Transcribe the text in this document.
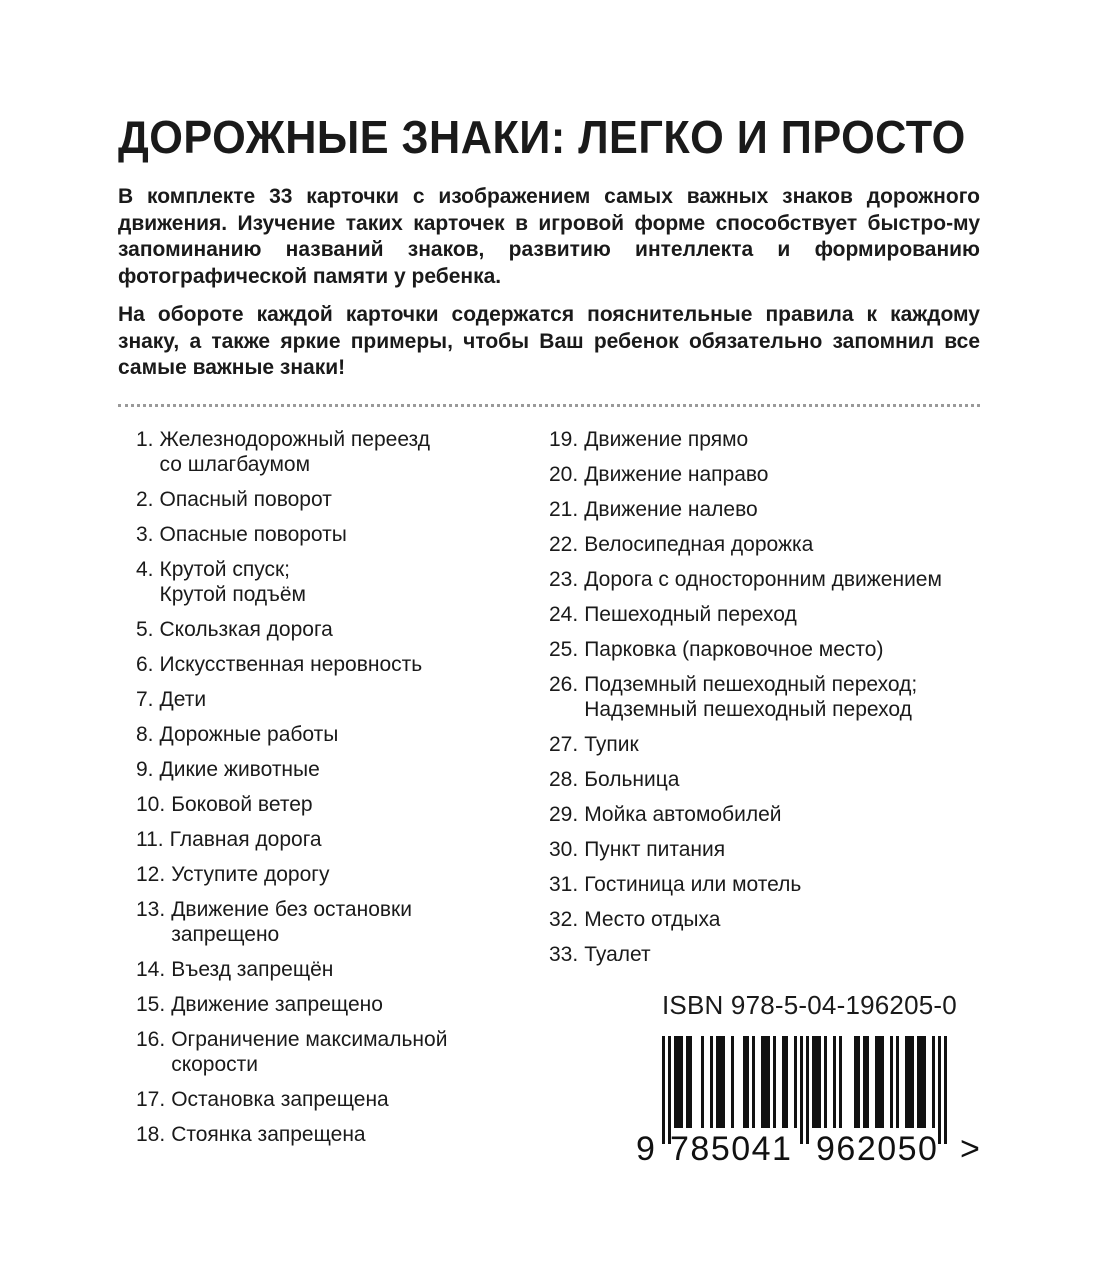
ДОРОЖНЫЕ ЗНАКИ: ЛЕГКО И ПРОСТО

В комплекте 33 карточки с изображением самых важных знаков дорожного движения. Изучение таких карточек в игровой форме способствует быстро-му запоминанию названий знаков, развитию интеллекта и формированию фотографической памяти у ребенка.

На обороте каждой карточки содержатся пояснительные правила к каждому знаку, а также яркие примеры, чтобы Ваш ребенок обязательно запомнил все самые важные знаки!

1. Железнодорожный переезд
со шлагбаумом
2. Опасный поворот
3. Опасные повороты
4. Крутой спуск;
Крутой подъём
5. Скользкая дорога
6. Искусственная неровность
7. Дети
8. Дорожные работы
9. Дикие животные
10. Боковой ветер
11. Главная дорога
12. Уступите дорогу
13. Движение без остановки
запрещено
14. Въезд запрещён
15. Движение запрещено
16. Ограничение максимальной
скорости
17. Остановка запрещена
18. Стоянка запрещена
19. Движение прямо
20. Движение направо
21. Движение налево
22. Велосипедная дорожка
23. Дорога с односторонним движением
24. Пешеходный переход
25. Парковка (парковочное место)
26. Подземный пешеходный переход;
Надземный пешеходный переход
27. Тупик
28. Больница
29. Мойка автомобилей
30. Пункт питания
31. Гостиница или мотель
32. Место отдыха
33. Туалет
ISBN 978-5-04-196205-0
9 785041 962050 >
